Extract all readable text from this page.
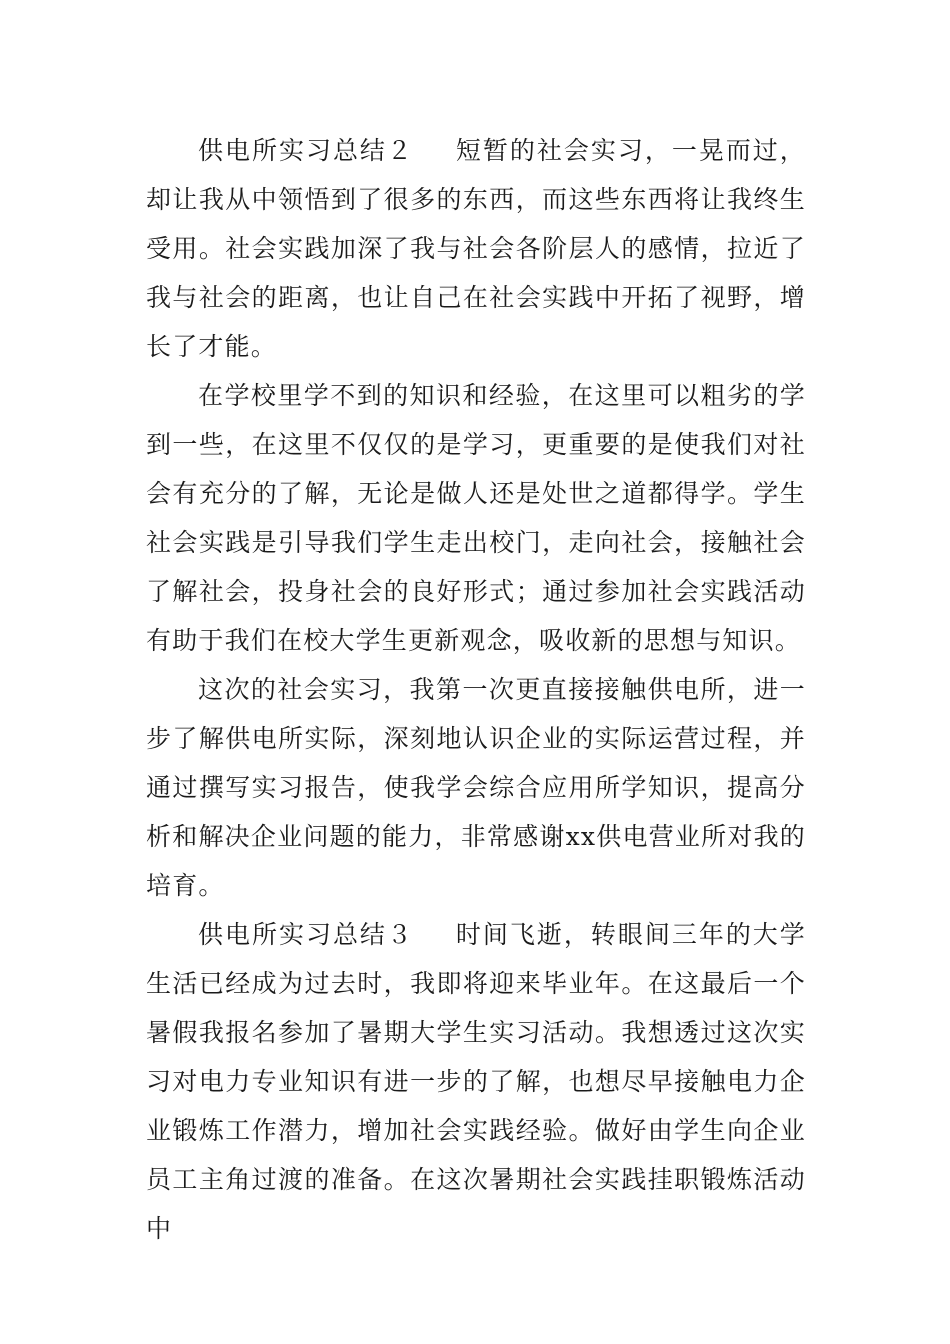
供电所实习总结２ 短暂的社会实习，一晃而过，却让我从中领悟到了很多的东西，而这些东西将让我终生受用。社会实践加深了我与社会各阶层人的感情，拉近了我与社会的距离，也让自己在社会实践中开拓了视野，增长了才能。

在学校里学不到的知识和经验，在这里可以粗劣的学到一些，在这里不仅仅的是学习，更重要的是使我们对社会有充分的了解，无论是做人还是处世之道都得学。学生社会实践是引导我们学生走出校门，走向社会，接触社会了解社会，投身社会的良好形式；通过参加社会实践活动有助于我们在校大学生更新观念，吸收新的思想与知识。

这次的社会实习，我第一次更直接接触供电所，进一步了解供电所实际，深刻地认识企业的实际运营过程，并通过撰写实习报告，使我学会综合应用所学知识，提高分析和解决企业问题的能力，非常感谢xx供电营业所对我的培育。

供电所实习总结３ 时间飞逝，转眼间三年的大学生活已经成为过去时，我即将迎来毕业年。在这最后一个暑假我报名参加了暑期大学生实习活动。我想透过这次实习对电力专业知识有进一步的了解，也想尽早接触电力企业锻炼工作潜力，增加社会实践经验。做好由学生向企业员工主角过渡的准备。在这次暑期社会实践挂职锻炼活动中
